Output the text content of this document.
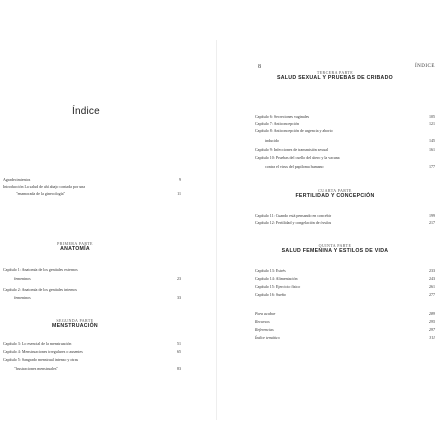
Índice
Agradecimientos	9
Introducción La salud de ahí abajo contada por una
"enamorada de la ginecología"	11
PRIMERA PARTE
ANATOMÍA
Capítulo 1: Anatomía de los genitales externos
femeninos	23
Capítulo 2: Anatomía de los genitales internos
femeninos	33
SEGUNDA PARTE
MENSTRUACIÓN
Capítulo 3: Lo esencial de la menstruación	51
Capítulo 4: Menstruaciones irregulares o ausentes	65
Capítulo 5: Sangrado menstrual intenso y otras
"frustraciones menstruales"	83
8	ÍNDICE
TERCERA PARTE
SALUD SEXUAL Y PRUEBAS DE CRIBADO
Capítulo 6: Secreciones vaginales	105
Capítulo 7: Anticoncepción	121
Capítulo 8: Anticoncepción de urgencia y aborto
inducido	145
Capítulo 9: Infecciones de transmisión sexual	161
Capítulo 10: Pruebas del cuello del útero y la vacuna
contra el virus del papiloma humano	177
CUARTA PARTE
FERTILIDAD Y CONCEPCIÓN
Capítulo 11: Cuando está pensando en concebir	199
Capítulo 12: Fertilidad y congelación de óvulos	217
QUINTA PARTE
SALUD FEMENINA Y ESTILOS DE VIDA
Capítulo 13: Estrés	233
Capítulo 14: Alimentación	243
Capítulo 15: Ejercicio físico	261
Capítulo 16: Sueño	277
Para acabar	289
Recursos	295
Referencias	297
Índice temático	311
